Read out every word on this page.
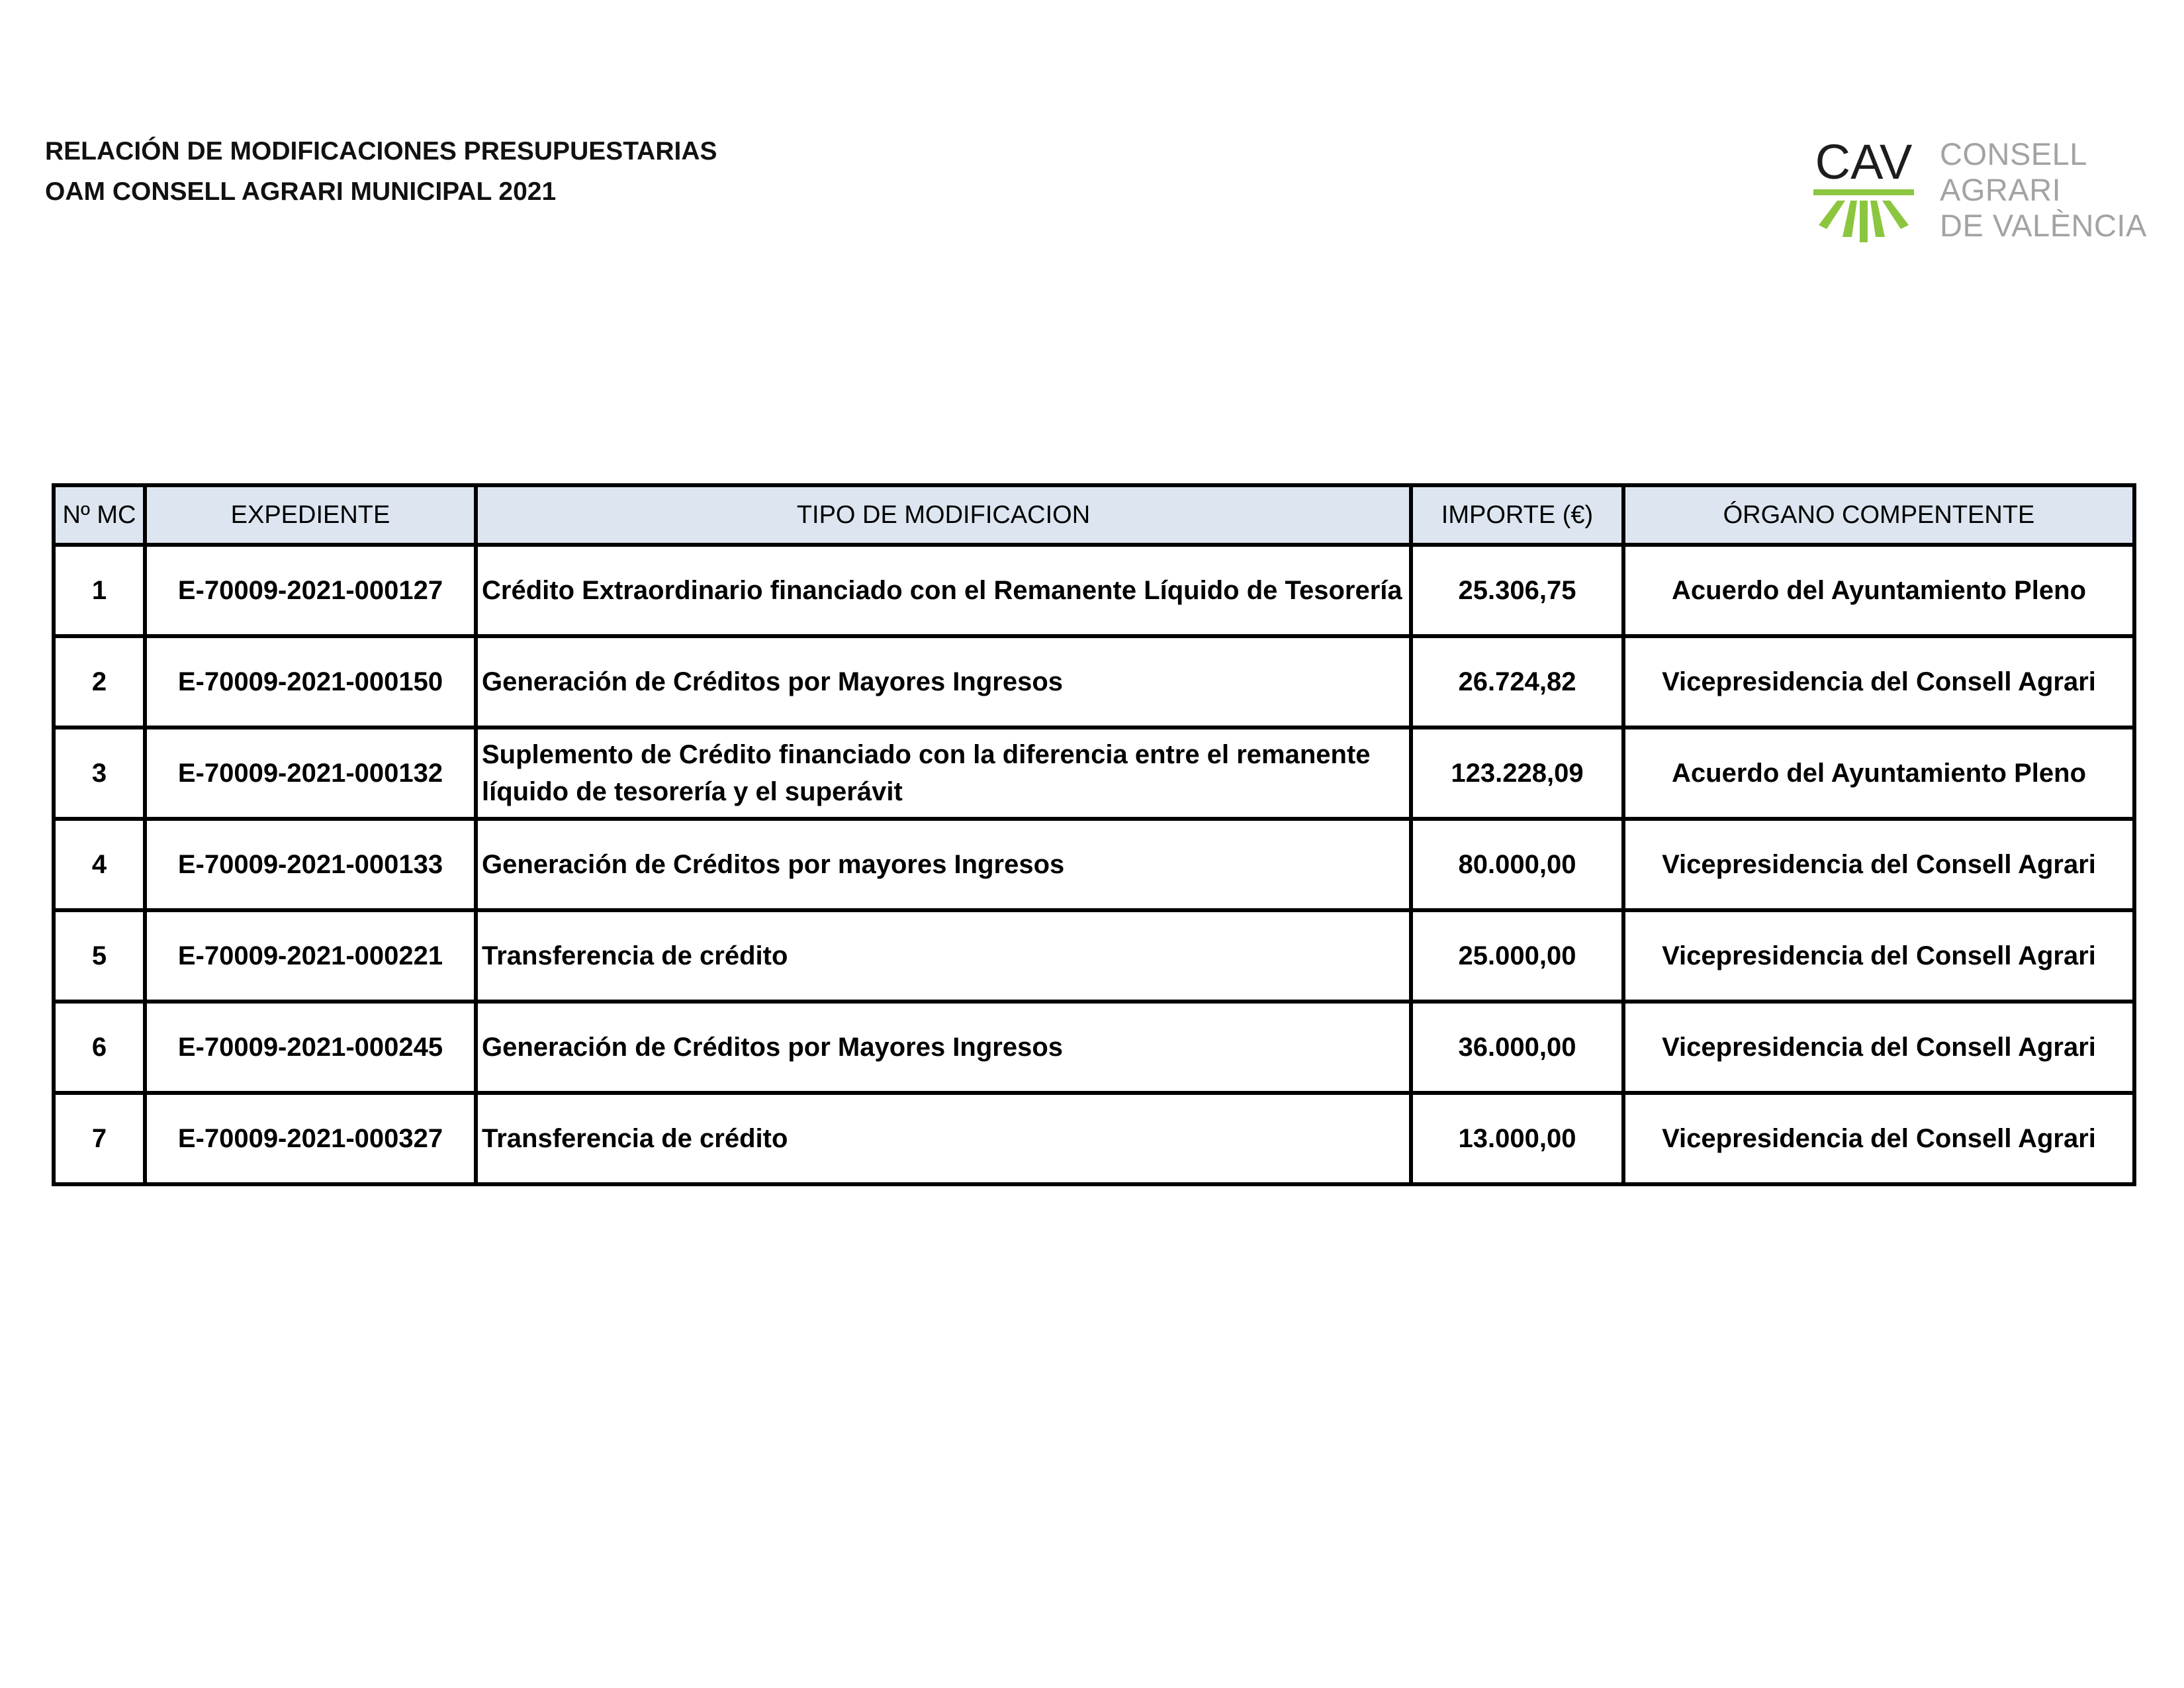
RELACIÓN DE MODIFICACIONES PRESUPUESTARIAS
OAM CONSELL AGRARI MUNICIPAL 2021
CAV CONSELL
AGRARI
DE VALÈNCIA
Nº MC	EXPEDIENTE	TIPO DE MODIFICACION	IMPORTE (€)	ÓRGANO COMPENTENTE
1	E-70009-2021-000127	Crédito Extraordinario financiado con el Remanente Líquido de Tesorería	25.306,75	Acuerdo del Ayuntamiento Pleno
2	E-70009-2021-000150	Generación de Créditos por Mayores Ingresos	26.724,82	Vicepresidencia del Consell Agrari
3	E-70009-2021-000132	Suplemento de Crédito financiado con la diferencia entre el remanente líquido de tesorería y el superávit	123.228,09	Acuerdo del Ayuntamiento Pleno
4	E-70009-2021-000133	Generación de Créditos por mayores Ingresos	80.000,00	Vicepresidencia del Consell Agrari
5	E-70009-2021-000221	Transferencia de crédito	25.000,00	Vicepresidencia del Consell Agrari
6	E-70009-2021-000245	Generación de Créditos por Mayores Ingresos	36.000,00	Vicepresidencia del Consell Agrari
7	E-70009-2021-000327	Transferencia de crédito	13.000,00	Vicepresidencia del Consell Agrari
